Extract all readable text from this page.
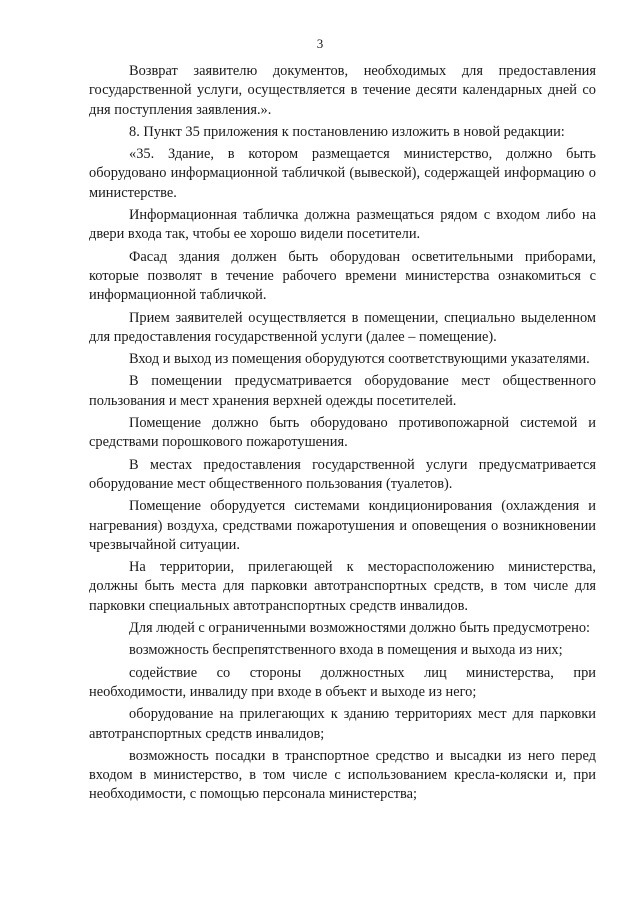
3

Возврат заявителю документов, необходимых для предоставления государственной услуги, осуществляется в течение десяти календарных дней со дня поступления заявления.».

8. Пункт 35 приложения к постановлению изложить в новой редакции:

«35. Здание, в котором размещается министерство, должно быть оборудовано информационной табличкой (вывеской), содержащей информацию о министерстве.

Информационная табличка должна размещаться рядом с входом либо на двери входа так, чтобы ее хорошо видели посетители.

Фасад здания должен быть оборудован осветительными приборами, которые позволят в течение рабочего времени министерства ознакомиться с информационной табличкой.

Прием заявителей осуществляется в помещении, специально выделенном для предоставления государственной услуги (далее – помещение).

Вход и выход из помещения оборудуются соответствующими указателями.

В помещении предусматривается оборудование мест общественного пользования и мест хранения верхней одежды посетителей.

Помещение должно быть оборудовано противопожарной системой и средствами порошкового пожаротушения.

В местах предоставления государственной услуги предусматривается оборудование мест общественного пользования (туалетов).

Помещение оборудуется системами кондиционирования (охлаждения и нагревания) воздуха, средствами пожаротушения и оповещения о возникновении чрезвычайной ситуации.

На территории, прилегающей к месторасположению министерства, должны быть места для парковки автотранспортных средств, в том числе для парковки специальных автотранспортных средств инвалидов.

Для людей с ограниченными возможностями должно быть предусмотрено:

возможность беспрепятственного входа в помещения и выхода из них;

содействие со стороны должностных лиц министерства, при необходимости, инвалиду при входе в объект и выходе из него;

оборудование на прилегающих к зданию территориях мест для парковки автотранспортных средств инвалидов;

возможность посадки в транспортное средство и высадки из него перед входом в министерство, в том числе с использованием кресла-коляски и, при необходимости, с помощью персонала министерства;
